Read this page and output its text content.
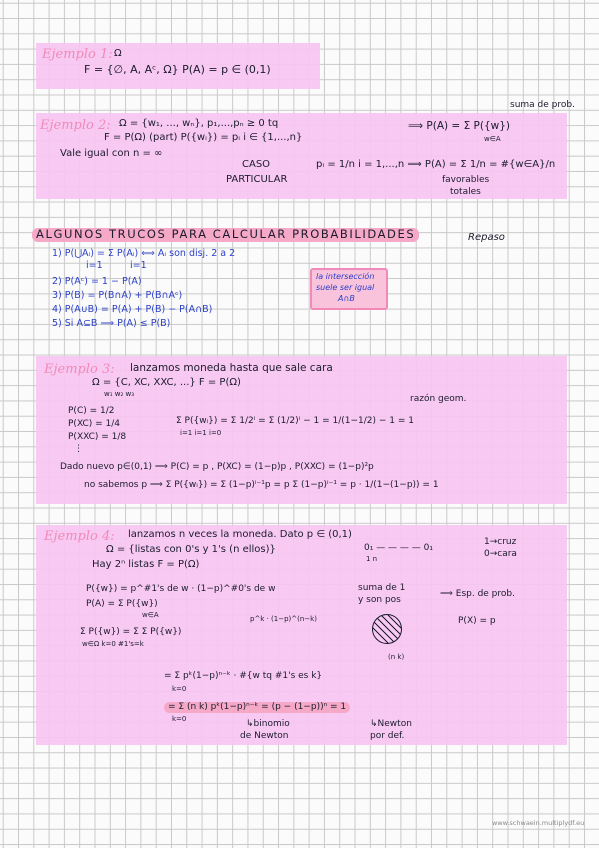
Ejemplo 1: Ω
F = {∅, A, Aᶜ, Ω} P(A) = p ∈ (0,1)
Ejemplo 2: Ω = {w₁, ..., wₙ}, p₁,...,pₙ ≥ 0 tq
F = P(Ω) (part) P({wᵢ}) = pᵢ i ∈ {1,...,n}
⟹ P(A) = Σ P({w})
w∈A
suma de prob.
Vale igual con n = ∞
CASO
PARTICULAR
pᵢ = 1/n i = 1,...,n ⟹ P(A) = Σ 1/n = #{w∈A}/n
favorables
totales
ALGUNOS TRUCOS PARA CALCULAR PROBABILIDADES	Repaso
1) P(⋃Aᵢ) = Σ P(Aᵢ) ⟺ Aᵢ son disj. 2 a 2
i=1	i=1
2) P(Aᶜ) = 1 − P(A)
3) P(B) = P(B∩A) + P(B∩Aᶜ)
4) P(A∪B) = P(A) + P(B) − P(A∩B)
5) Si A⊆B ⟹ P(A) ≤ P(B)
la intersección
suele ser igual
A∩B
Ejemplo 3: lanzamos moneda hasta que sale cara
Ω = {C, XC, XXC, ...} F = P(Ω)
w₁ w₂ w₃	razón geom.
P(C) = 1/2
P(XC) = 1/4
P(XXC) = 1/8
⋮
Σ P({wᵢ}) = Σ 1/2ⁱ = Σ (1/2)ⁱ − 1 = 1/(1−1/2) − 1 = 1
i=1 i=1 i=0
Dado nuevo p∈(0,1) ⟹ P(C) = p , P(XC) = (1−p)p , P(XXC) = (1−p)²p
no sabemos p ⟹ Σ P({wᵢ}) = Σ (1−p)ⁱ⁻¹p = p Σ (1−p)ⁱ⁻¹ = p · 1/(1−(1−p)) = 1
Ejemplo 4: lanzamos n veces la moneda. Dato p ∈ (0,1)
Ω = {listas con 0's y 1's (n ellos)}	0₁ — — — — 0₁
1 n
1→cruz
0→cara
Hay 2ⁿ listas F = P(Ω)
P({w}) = p^#1's de w · (1−p)^#0's de w
P(A) = Σ P({w})
w∈A
suma de 1
y son pos
⟹ Esp. de prob.
P(X) = p
Σ P({w}) = Σ Σ P({w})
w∈Ω k=0 #1's=k
p^k · (1−p)^(n−k)
(n k)
= Σ pᵏ(1−p)ⁿ⁻ᵏ · #{w tq #1's es k}
k=0
= Σ (n k) pᵏ(1−p)ⁿ⁻ᵏ = (p − (1−p))ⁿ = 1
k=0	↳binomio
de Newton
↳Newton
por def.
www.schwaein.multiplydf.eu
